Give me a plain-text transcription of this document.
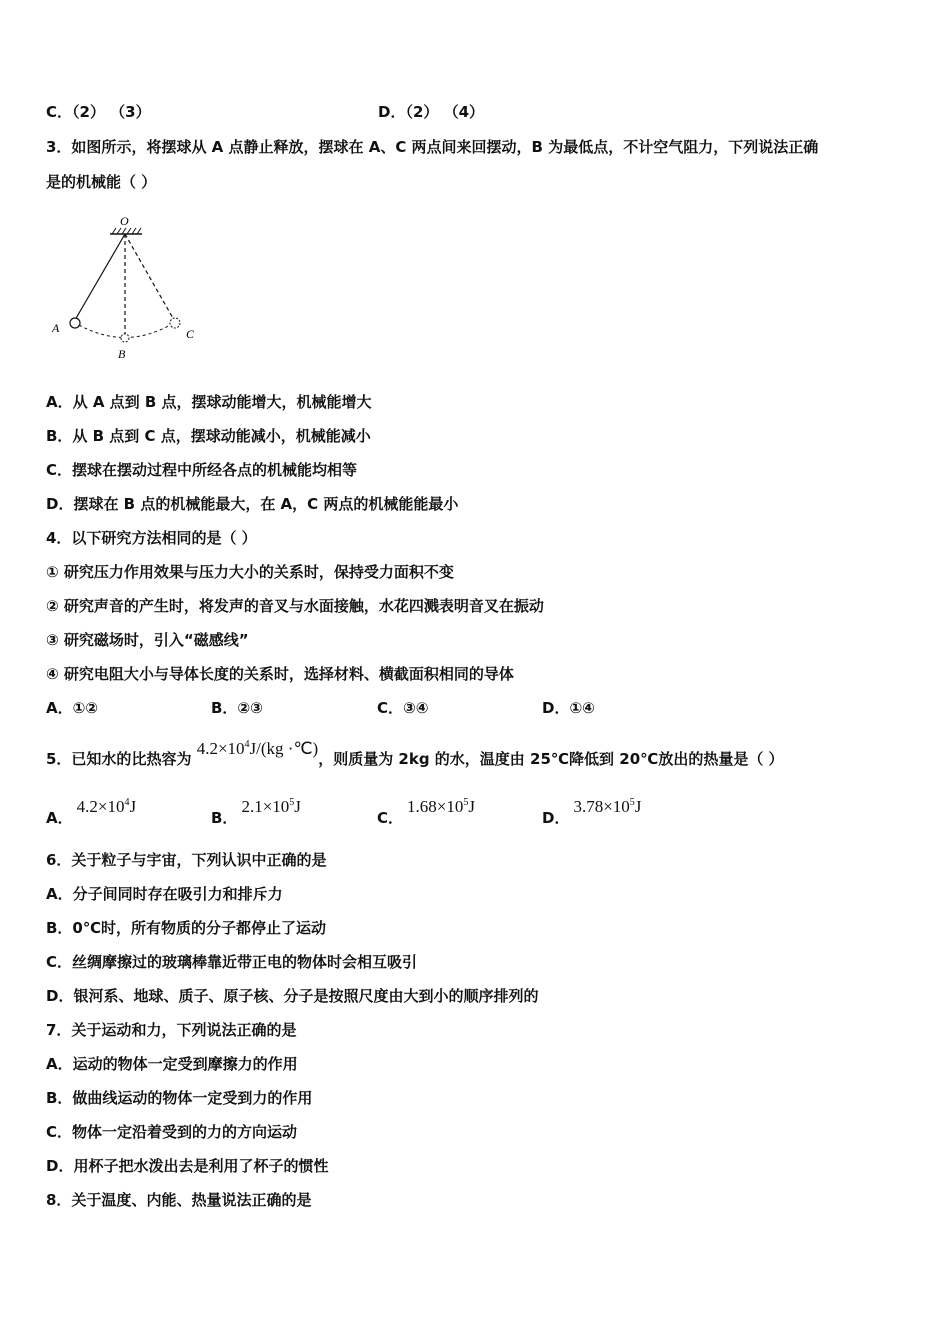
C．（2） （3）	D．（2） （4）
3．如图所示，将摆球从 A 点静止释放，摆球在 A、C 两点间来回摆动，B 为最低点，不计空气阻力，下列说法正确
是的机械能（ ）
O
A
B
C
A．从 A 点到 B 点，摆球动能增大，机械能增大
B．从 B 点到 C 点，摆球动能减小，机械能减小
C．摆球在摆动过程中所经各点的机械能均相等
D．摆球在 B 点的机械能最大，在 A，C 两点的机械能能最小
4．以下研究方法相同的是（ ）
① 研究压力作用效果与压力大小的关系时，保持受力面积不变
② 研究声音的产生时，将发声的音叉与水面接触，水花四溅表明音叉在振动
③ 研究磁场时，引入“磁感线”
④ 研究电阻大小与导体长度的关系时，选择材料、横截面积相同的导体
A．①②	B．②③	C．③④	D．①④
5．已知水的比热容为 $4.2\times 10^4J/(kg$ ·℃)，则质量为 2kg 的水，温度由 25℃降低到 20℃放出的热量是（ ）
A．$4.2\times 10^4J$
B．$2.1\times 10^5J$
C．$1.68\times 10^5J$
D．$3.78\times 10^5J$
6．关于粒子与宇宙，下列认识中正确的是
A．分子间同时存在吸引力和排斥力
B．0℃时，所有物质的分子都停止了运动
C．丝绸摩擦过的玻璃棒靠近带正电的物体时会相互吸引
D．银河系、地球、质子、原子核、分子是按照尺度由大到小的顺序排列的
7．关于运动和力，下列说法正确的是
A．运动的物体一定受到摩擦力的作用
B．做曲线运动的物体一定受到力的作用
C．物体一定沿着受到的力的方向运动
D．用杯子把水泼出去是利用了杯子的惯性
8．关于温度、内能、热量说法正确的是
